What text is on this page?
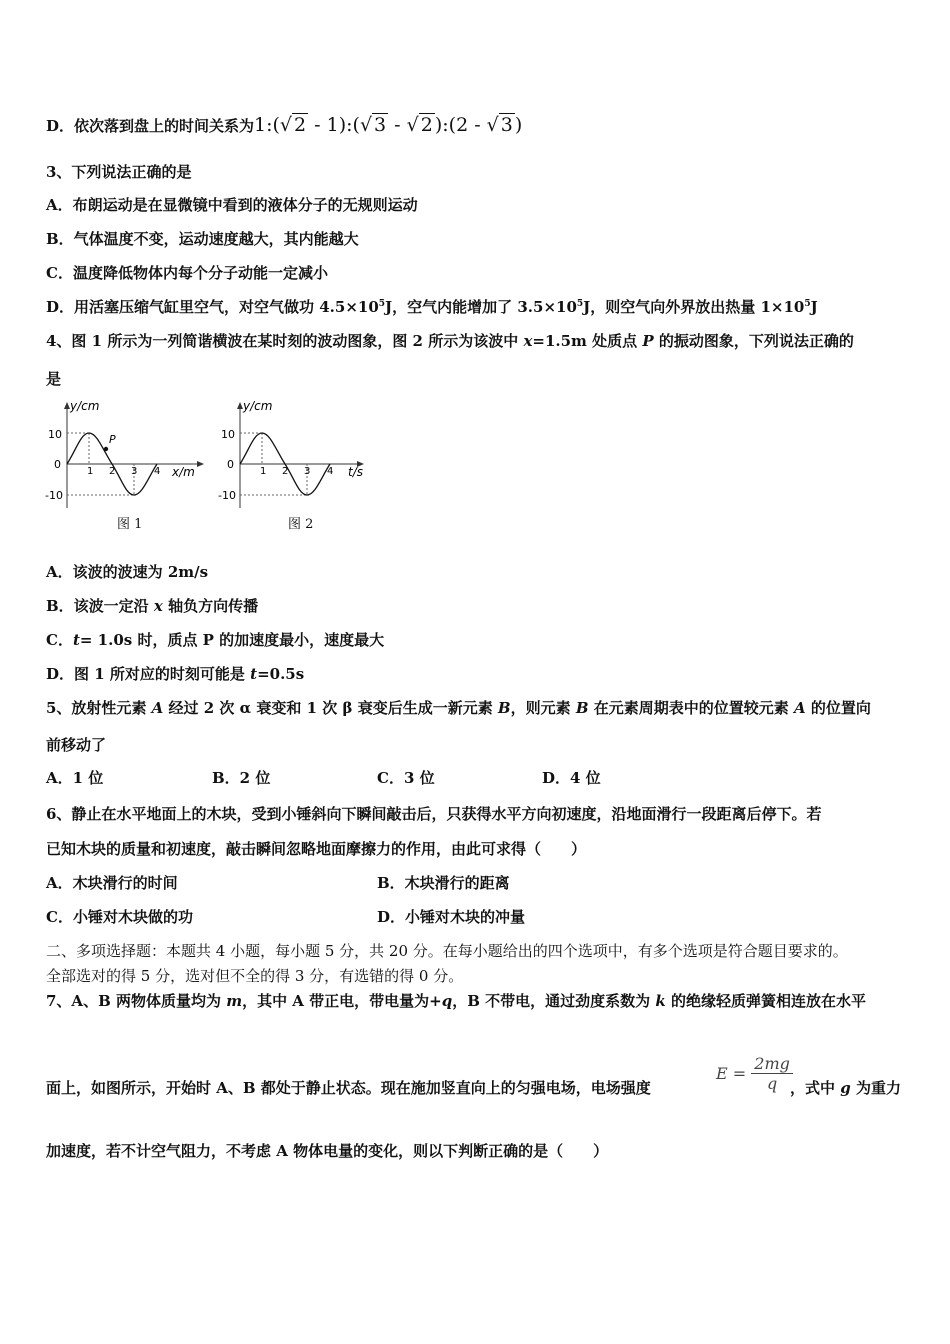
D．依次落到盘上的时间关系为1:(√ 2 - 1):(√ 3 - √ 2 ):(2 - √ 3 )
3、下列说法正确的是
A．布朗运动是在显微镜中看到的液体分子的无规则运动
B．气体温度不变，运动速度越大，其内能越大
C．温度降低物体内每个分子动能一定减小
D．用活塞压缩气缸里空气，对空气做功 $4.5\times 10^5J$，空气内能增加了 $3.5\times 10^5J$，则空气向外界放出热量 $1\times 10^5J$
4、图 1 所示为一列简谐横波在某时刻的波动图象，图 2 所示为该波中 x=1.5m 处质点 P 的振动图象，下列说法正确的
是
y/cm
10
0
-10
1 2 3 4 x/m
P
图 1
y/cm
10
0
-10
1 2 3 4 t/s
图 2
A．该波的波速为 2m/s
B．该波一定沿 x 轴负方向传播
C．t= 1.0s 时，质点 P 的加速度最小，速度最大
D．图 1 所对应的时刻可能是 t=0.5s
5、放射性元素 A 经过 2 次 α 衰变和 1 次 β 衰变后生成一新元素 B，则元素 B 在元素周期表中的位置较元素 A 的位置向
前移动了
A．1 位	B．2 位	C．3 位	D．4 位
6、静止在水平地面上的木块，受到小锤斜向下瞬间敲击后，只获得水平方向初速度，沿地面滑行一段距离后停下。若
已知木块的质量和初速度，敲击瞬间忽略地面摩擦力的作用，由此可求得（　　）
A．木块滑行的时间	B．木块滑行的距离
C．小锤对木块做的功	D．小锤对木块的冲量
二、多项选择题：本题共 4 小题，每小题 5 分，共 20 分。在每小题给出的四个选项中，有多个选项是符合题目要求的。
全部选对的得 5 分，选对但不全的得 3 分，有选错的得 0 分。
7、A、B 两物体质量均为 m，其中 A 带正电，带电量为+q，B 不带电，通过劲度系数为 k 的绝缘轻质弹簧相连放在水平
面上，如图所示，开始时 A、B 都处于静止状态。现在施加竖直向上的匀强电场，电场强度
$E = \frac{2mg}{q}$
，式中 g 为重力
加速度，若不计空气阻力，不考虑 A 物体电量的变化，则以下判断正确的是（　　）
